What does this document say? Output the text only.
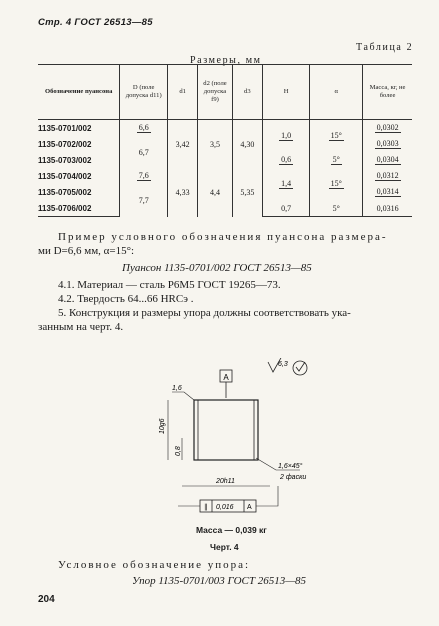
Стр. 4 ГОСТ 26513—85
Таблица 2
Размеры, мм
Обозначение пуансона	D (поле допуска d11)	d1	d2 (поле допуска f9)	d3	H	α	Масса, кг, не более
1135-0701/002	6,6	3,42	3,5	4,30	1,0	15°	0,0302
1135-0702/002	6,7						0,0303
1135-0703/002					0,6	5°	0,0304
1135-0704/002	7,6	4,33	4,4	5,35	1,4	15°	0,0312
1135-0705/002	7,7						0,0314
1135-0706/002					0,7	5°	0,0316
Пример условного обозначения пуансона размера-
ми D=6,6 мм, α=15°:
Пуансон 1135-0701/002 ГОСТ 26513—85
4.1. Материал — сталь Р6М5 ГОСТ 19265—73.
4.2. Твердость 64...66 HRCэ .
5. Конструкция и размеры упора должны соответствовать ука-
занным на черт. 4.
A
6,3
1,6
10g6
0,8
1,6×45°
2 фаски
20h11
∥ 0,016 A
Масса — 0,039 кг
Черт. 4
Условное обозначение упора:
Упор 1135-0701/003 ГОСТ 26513—85
204
